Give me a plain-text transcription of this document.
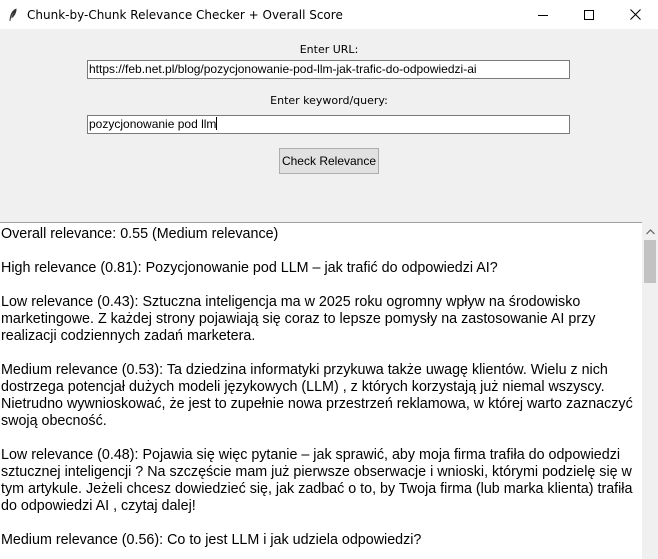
Chunk-by-Chunk Relevance Checker + Overall Score
Enter URL:
https://feb.net.pl/blog/pozycjonowanie-pod-llm-jak-trafic-do-odpowiedzi-ai
Enter keyword/query:
pozycjonowanie pod llm
Check Relevance

Overall relevance: 0.55 (Medium relevance)

High relevance (0.81): Pozycjonowanie pod LLM – jak trafić do odpowiedzi AI?

Low relevance (0.43): Sztuczna inteligencja ma w 2025 roku ogromny wpływ na środowisko marketingowe. Z każdej strony pojawiają się coraz to lepsze pomysły na zastosowanie AI przy realizacji codziennych zadań marketera.

Medium relevance (0.53): Ta dziedzina informatyki przykuwa także uwagę klientów. Wielu z nich dostrzega potencjał dużych modeli językowych (LLM) , z których korzystają już niemal wszyscy. Nietrudno wywnioskować, że jest to zupełnie nowa przestrzeń reklamowa, w której warto zaznaczyć swoją obecność.

Low relevance (0.48): Pojawia się więc pytanie – jak sprawić, aby moja firma trafiła do odpowiedzi sztucznej inteligencji ? Na szczęście mam już pierwsze obserwacje i wnioski, którymi podzielę się w tym artykule. Jeżeli chcesz dowiedzieć się, jak zadbać o to, by Twoja firma (lub marka klienta) trafiła do odpowiedzi AI , czytaj dalej!

Medium relevance (0.56): Co to jest LLM i jak udziela odpowiedzi?
